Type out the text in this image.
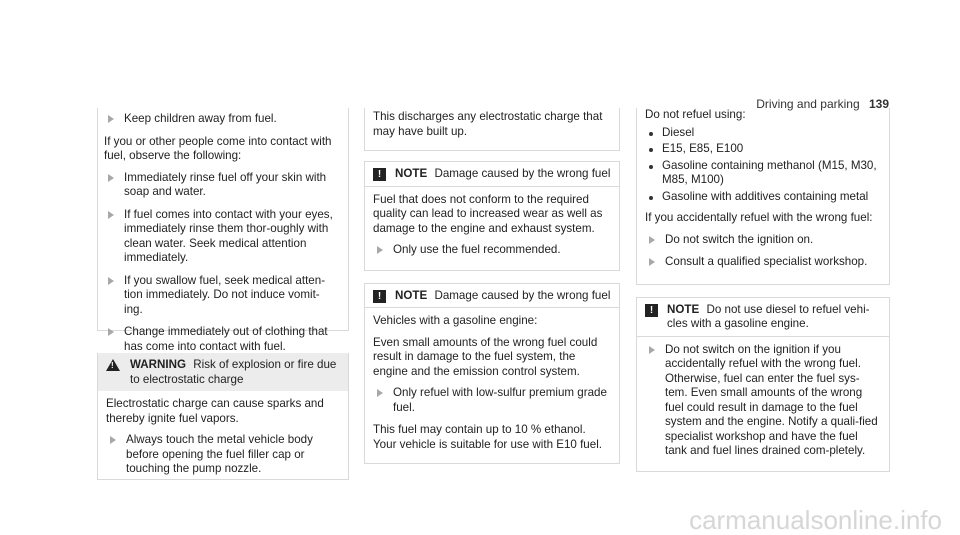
Driving and parking 139
Keep children away from fuel.

If you or other people come into contact with fuel, observe the following:

Immediately rinse fuel off your skin with soap and water.
If fuel comes into contact with your eyes, immediately rinse them thor-oughly with clean water. Seek medical attention immediately.
If you swallow fuel, seek medical atten-tion immediately. Do not induce vomit-ing.
Change immediately out of clothing that has come into contact with fuel.
! WARNING Risk of explosion or fire due to electrostatic charge

Electrostatic charge can cause sparks and thereby ignite fuel vapors.

Always touch the metal vehicle body before opening the fuel filler cap or touching the pump nozzle.

This discharges any electrostatic charge that may have built up.

!	NOTE Damage caused by the wrong fuel

Fuel that does not conform to the required quality can lead to increased wear as well as damage to the engine and exhaust system.

Only use the fuel recommended.
!	NOTE Damage caused by the wrong fuel

Vehicles with a gasoline engine:

Even small amounts of the wrong fuel could result in damage to the fuel system, the engine and the emission control system.

Only refuel with low-sulfur premium grade fuel.

This fuel may contain up to 10 % ethanol. Your vehicle is suitable for use with E10 fuel.

Do not refuel using:

Diesel
E15, E85, E100
Gasoline containing methanol (M15, M30, M85, M100)
Gasoline with additives containing metal

If you accidentally refuel with the wrong fuel:

Do not switch the ignition on.
Consult a qualified specialist workshop.
!	NOTE Do not use diesel to refuel vehi-cles with a gasoline engine.
Do not switch on the ignition if you accidentally refuel with the wrong fuel. Otherwise, fuel can enter the fuel sys-tem. Even small amounts of the wrong fuel could result in damage to the fuel system and the engine. Notify a quali-fied specialist workshop and have the fuel tank and fuel lines drained com-pletely.
carmanualsonline.info
